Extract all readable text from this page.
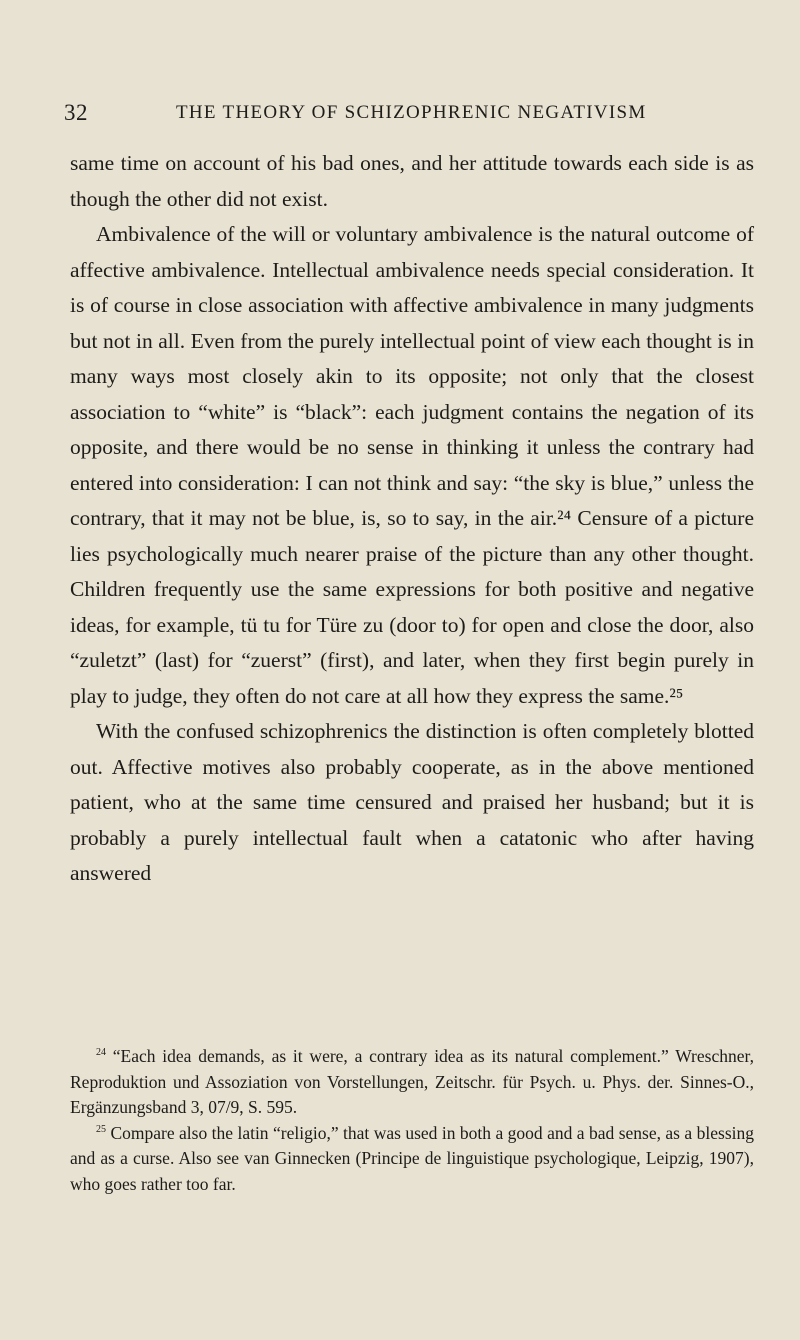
32	THE THEORY OF SCHIZOPHRENIC NEGATIVISM

same time on account of his bad ones, and her attitude towards each side is as though the other did not exist.

Ambivalence of the will or voluntary ambivalence is the natural outcome of affective ambivalence. Intellectual ambivalence needs special consideration. It is of course in close association with affective ambivalence in many judgments but not in all. Even from the purely intellectual point of view each thought is in many ways most closely akin to its opposite; not only that the closest association to “white” is “black”: each judgment contains the negation of its opposite, and there would be no sense in thinking it unless the contrary had entered into consideration: I can not think and say: “the sky is blue,” unless the contrary, that it may not be blue, is, so to say, in the air.²⁴ Censure of a picture lies psychologically much nearer praise of the picture than any other thought. Children frequently use the same expressions for both positive and negative ideas, for example, tü tu for Türe zu (door to) for open and close the door, also “zuletzt” (last) for “zuerst” (first), and later, when they first begin purely in play to judge, they often do not care at all how they express the same.²⁵

With the confused schizophrenics the distinction is often completely blotted out. Affective motives also probably cooperate, as in the above mentioned patient, who at the same time censured and praised her husband; but it is probably a purely intellectual fault when a catatonic who after having answered

$^{24}$ “Each idea demands, as it were, a contrary idea as its natural complement.” Wreschner, Reproduktion und Assoziation von Vorstellungen, Zeitschr. für Psych. u. Phys. der. Sinnes-O., Ergänzungsband 3, 07/9, S. 595.

$^{25}$ Compare also the latin “religio,” that was used in both a good and a bad sense, as a blessing and as a curse. Also see van Ginnecken (Principe de linguistique psychologique, Leipzig, 1907), who goes rather too far.
